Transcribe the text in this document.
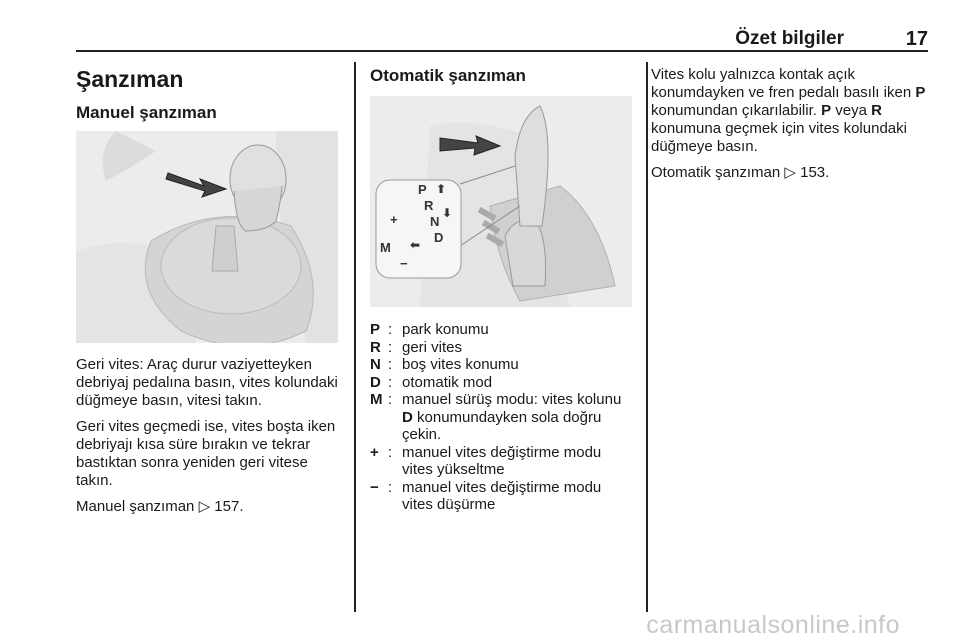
Özet bilgiler	17
Şanzıman
Manuel şanzıman

Geri vites: Araç durur vaziyetteyken debriyaj pedalına basın, vites kolundaki düğmeye basın, vitesi takın.

Geri vites geçmedi ise, vites boşta iken debriyajı kısa süre bırakın ve tekrar bastıktan sonra yeniden geri vitese takın.

Manuel şanzıman ▷ 157.

Otomatik şanzıman
P
R
N
D
M
+
−
⬆
⬇
⬅
P : park konumu
R : geri vites
N : boş vites konumu
D : otomatik mod
M : manuel sürüş modu: vites kolunu D konumundayken sola doğru çekin.
+ : manuel vites değiştirme modu vites yükseltme
− : manuel vites değiştirme modu vites düşürme

Vites kolu yalnızca kontak açık konumdayken ve fren pedalı basılı iken P konumundan çıkarılabilir. P veya R konumuna geçmek için vites kolundaki düğmeye basın.

Otomatik şanzıman ▷ 153.

carmanualsonline.info
